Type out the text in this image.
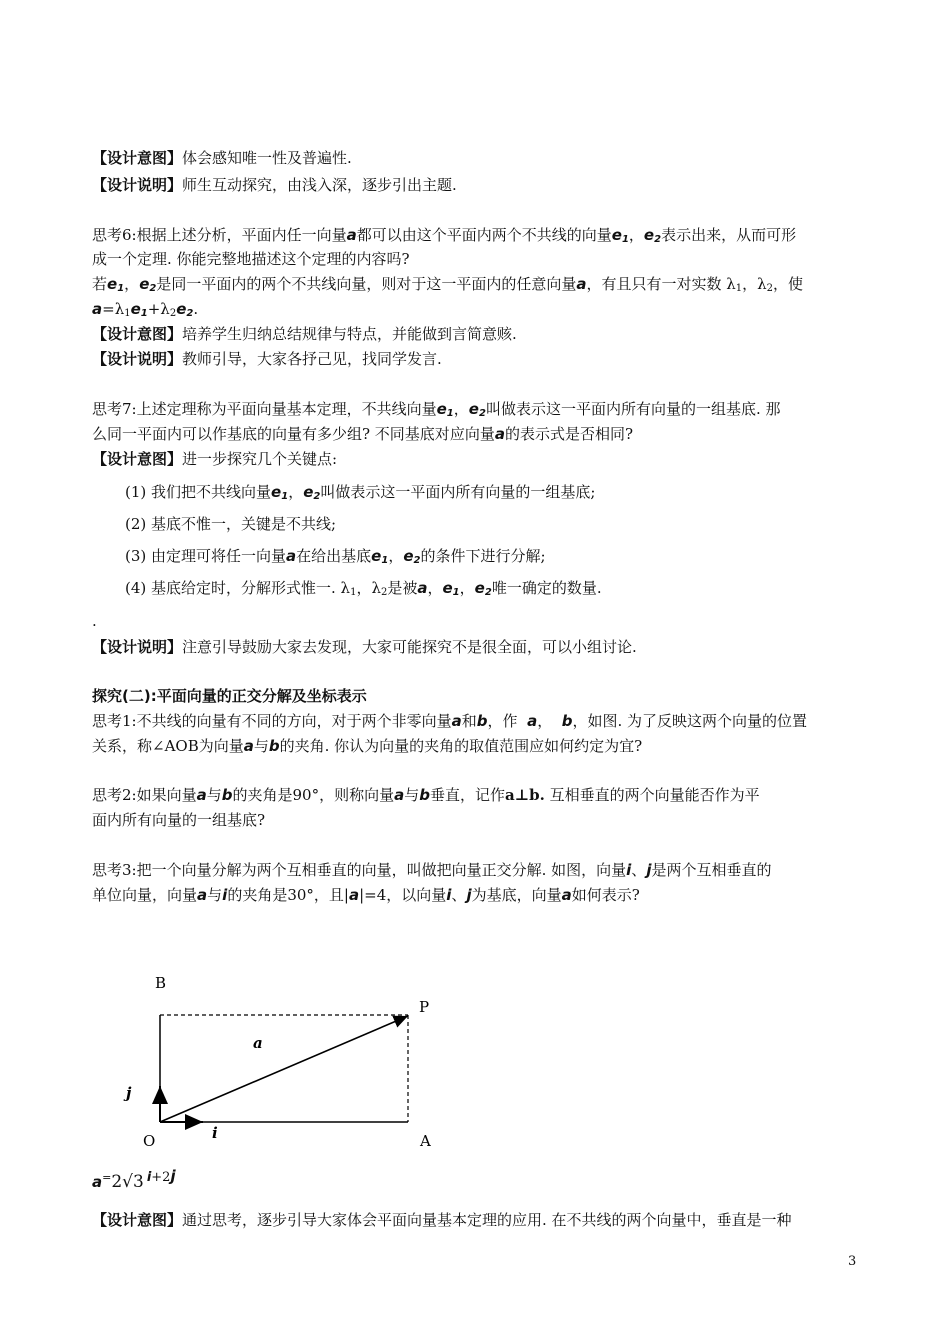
【设计意图】体会感知唯一性及普遍性.
【设计说明】师生互动探究，由浅入深，逐步引出主题.
思考6:根据上述分析，平面内任一向量a都可以由这个平面内两个不共线的向量$e_1$，$e_2$表示出来，从而可形
成一个定理. 你能完整地描述这个定理的内容吗?
若$e_1$，$e_2$是同一平面内的两个不共线向量，则对于这一平面内的任意向量a，有且只有一对实数 $\lambda_1$，$\lambda_2$，使
$a=\lambda_1e_1+\lambda_2e_2$.
【设计意图】培养学生归纳总结规律与特点，并能做到言简意赅.
【设计说明】教师引导，大家各抒己见，找同学发言.
思考7:上述定理称为平面向量基本定理，不共线向量$e_1$，$e_2$叫做表示这一平面内所有向量的一组基底. 那
么同一平面内可以作基底的向量有多少组? 不同基底对应向量a的表示式是否相同?
【设计意图】进一步探究几个关键点:
(1) 我们把不共线向量$e_1$，$e_2$叫做表示这一平面内所有向量的一组基底;
(2) 基底不惟一，关键是不共线;
(3) 由定理可将任一向量a在给出基底$e_1$，$e_2$的条件下进行分解;
(4) 基底给定时，分解形式惟一. $\lambda_1$，$\lambda_2$是被a，$e_1$，$e_2$唯一确定的数量.
.
【设计说明】注意引导鼓励大家去发现，大家可能探究不是很全面，可以小组讨论.
探究(二):平面向量的正交分解及坐标表示
思考1:不共线的向量有不同的方向，对于两个非零向量a和b，作 a，  b，如图. 为了反映这两个向量的位置
关系，称∠AOB为向量a与b的夹角. 你认为向量的夹角的取值范围应如何约定为宜?
思考2:如果向量a与b的夹角是90°，则称向量a与b垂直，记作a⊥b. 互相垂直的两个向量能否作为平
面内所有向量的一组基底?
思考3:把一个向量分解为两个互相垂直的向量，叫做把向量正交分解. 如图，向量i、j是两个互相垂直的
单位向量，向量a与i的夹角是30°，且|a|=4，以向量i、j为基底，向量a如何表示?
B
P
O	A
a
i
j
a=2√3 i+2j
【设计意图】通过思考，逐步引导大家体会平面向量基本定理的应用. 在不共线的两个向量中，垂直是一种
3
